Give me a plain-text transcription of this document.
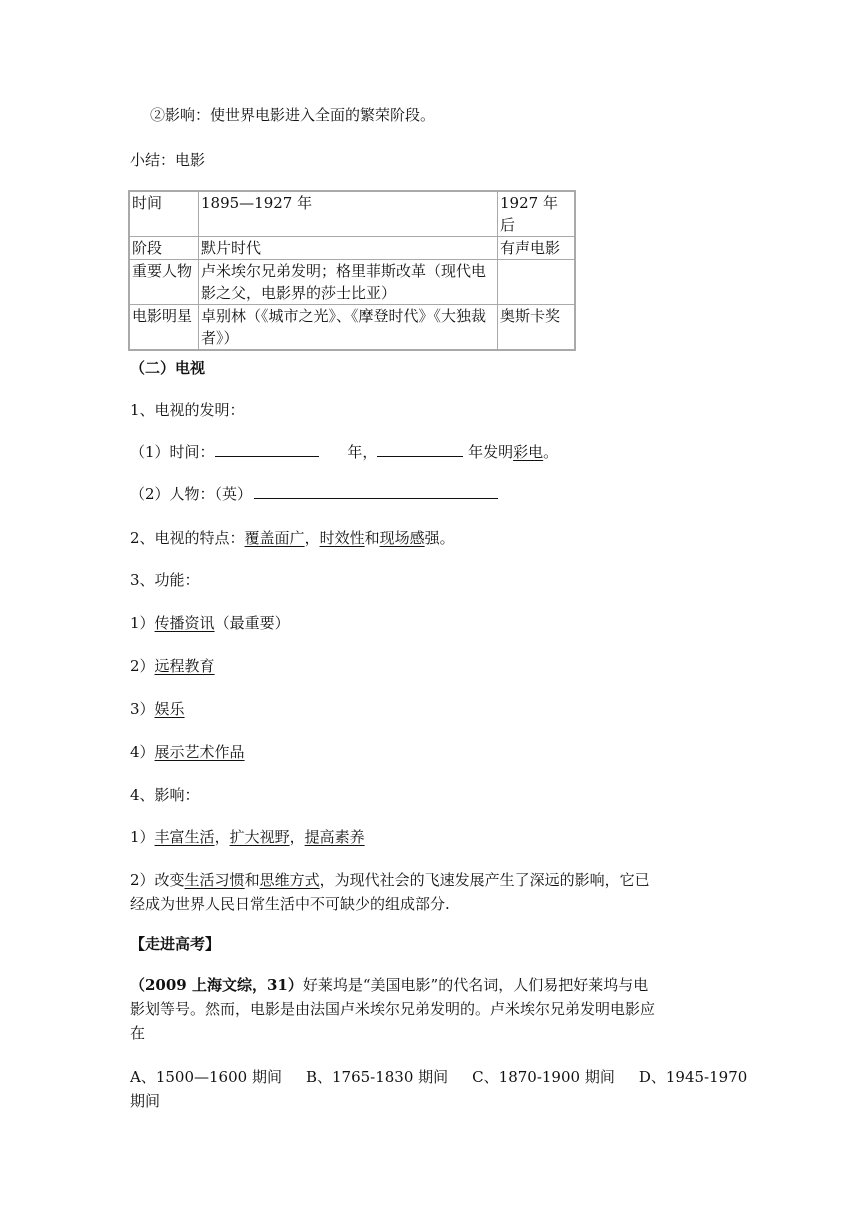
②影响：使世界电影进入全面的繁荣阶段。
小结：电影
时间	1895—1927 年	1927 年后
阶段	默片时代	有声电影
重要人物	卢米埃尔兄弟发明；格里菲斯改革（现代电影之父，电影界的莎士比亚）	
电影明星	卓别林（《城市之光》、《摩登时代》《大独裁者》）	奥斯卡奖
（二）电视
1、电视的发明：
（1）时间：	年，	年发明彩电。
（2）人物：（英）
2、电视的特点：覆盖面广，时效性和现场感强。
3、功能：
1）传播资讯（最重要）
2）远程教育
3）娱乐
4）展示艺术作品
4、影响：
1）丰富生活，扩大视野，提高素养
2）改变生活习惯和思维方式，为现代社会的飞速发展产生了深远的影响，它已
经成为世界人民日常生活中不可缺少的组成部分.
【走进高考】
（2009 上海文综，31）好莱坞是“美国电影”的代名词，人们易把好莱坞与电
影划等号。然而，电影是由法国卢米埃尔兄弟发明的。卢米埃尔兄弟发明电影应
在
A、1500—1600 期间 B、1765-1830 期间 C、1870-1900 期间 D、1945-1970
期间
